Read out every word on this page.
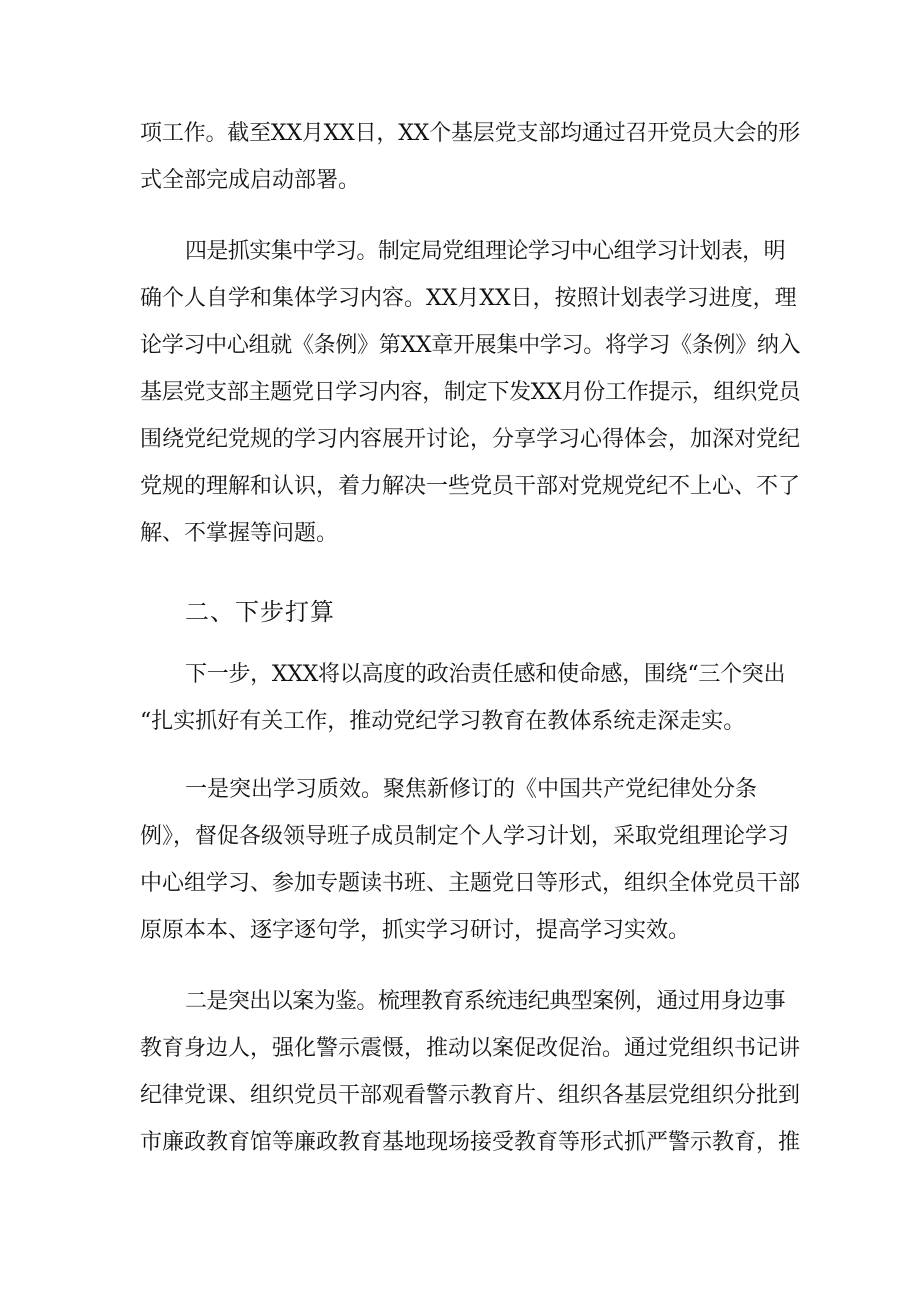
项工作。截至XX月XX日，XX个基层党支部均通过召开党员大会的形
式全部完成启动部署。
四是抓实集中学习。制定局党组理论学习中心组学习计划表，明
确个人自学和集体学习内容。XX月XX日，按照计划表学习进度，理
论学习中心组就《条例》第XX章开展集中学习。将学习《条例》纳入
基层党支部主题党日学习内容，制定下发XX月份工作提示，组织党员
围绕党纪党规的学习内容展开讨论，分享学习心得体会，加深对党纪
党规的理解和认识，着力解决一些党员干部对党规党纪不上心、不了
解、不掌握等问题。
二、下步打算
下一步，XXX将以高度的政治责任感和使命感，围绕“三个突出
“扎实抓好有关工作，推动党纪学习教育在教体系统走深走实。
一是突出学习质效。聚焦新修订的《中国共产党纪律处分条
例》，督促各级领导班子成员制定个人学习计划，采取党组理论学习
中心组学习、参加专题读书班、主题党日等形式，组织全体党员干部
原原本本、逐字逐句学，抓实学习研讨，提高学习实效。
二是突出以案为鉴。梳理教育系统违纪典型案例，通过用身边事
教育身边人，强化警示震慑，推动以案促改促治。通过党组织书记讲
纪律党课、组织党员干部观看警示教育片、组织各基层党组织分批到
市廉政教育馆等廉政教育基地现场接受教育等形式抓严警示教育，推
